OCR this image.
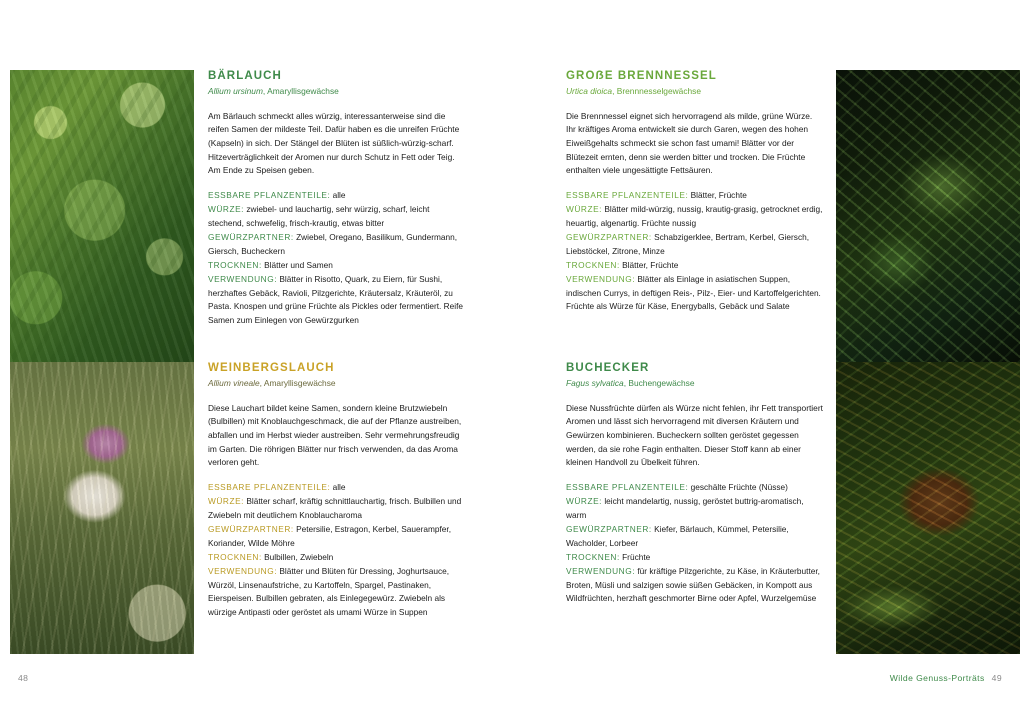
BÄRLAUCH

Allium ursinum, Amaryllisgewächse

Am Bärlauch schmeckt alles würzig, interessanterweise sind die reifen Samen der mildeste Teil. Dafür haben es die unreifen Früchte (Kapseln) in sich. Der Stängel der Blüten ist süßlich-würzig-scharf. Hitzeverträglichkeit der Aromen nur durch Schutz in Fett oder Teig. Am Ende zu Speisen geben.

ESSBARE PFLANZENTEILE: alle

WÜRZE: zwiebel- und lauchartig, sehr würzig, scharf, leicht stechend, schwefelig, frisch-krautig, etwas bitter

GEWÜRZPARTNER: Zwiebel, Oregano, Basilikum, Gundermann, Giersch, Bucheckern

TROCKNEN: Blätter und Samen

VERWENDUNG: Blätter in Risotto, Quark, zu Eiern, für Sushi, herzhaftes Gebäck, Ravioli, Pilzgerichte, Kräutersalz, Kräuteröl, zu Pasta. Knospen und grüne Früchte als Pickles oder fermentiert. Reife Samen zum Einlegen von Gewürzgurken

GROẞE BRENNNESSEL

Urtica dioica, Brennnesselgewächse

Die Brennnessel eignet sich hervorragend als milde, grüne Würze. Ihr kräftiges Aroma entwickelt sie durch Garen, wegen des hohen Eiweißgehalts schmeckt sie schon fast umami! Blätter vor der Blütezeit ernten, denn sie werden bitter und trocken. Die Früchte enthalten viele ungesättigte Fettsäuren.

ESSBARE PFLANZENTEILE: Blätter, Früchte

WÜRZE: Blätter mild-würzig, nussig, krautig-grasig, getrocknet erdig, heuartig, algenartig. Früchte nussig

GEWÜRZPARTNER: Schabzigerklee, Bertram, Kerbel, Giersch, Liebstöckel, Zitrone, Minze

TROCKNEN: Blätter, Früchte

VERWENDUNG: Blätter als Einlage in asiatischen Suppen, indischen Currys, in deftigen Reis-, Pilz-, Eier- und Kartoffelgerichten. Früchte als Würze für Käse, Energyballs, Gebäck und Salate

WEINBERGSLAUCH

Allium vineale, Amaryllisgewächse

Diese Lauchart bildet keine Samen, sondern kleine Brutzwiebeln (Bulbillen) mit Knoblauchgeschmack, die auf der Pflanze austreiben, abfallen und im Herbst wieder austreiben. Sehr vermehrungsfreudig im Garten. Die röhrigen Blätter nur frisch verwenden, da das Aroma verloren geht.

ESSBARE PFLANZENTEILE: alle

WÜRZE: Blätter scharf, kräftig schnittlauchartig, frisch. Bulbillen und Zwiebeln mit deutlichem Knoblaucharoma

GEWÜRZPARTNER: Petersilie, Estragon, Kerbel, Sauerampfer, Koriander, Wilde Möhre

TROCKNEN: Bulbillen, Zwiebeln

VERWENDUNG: Blätter und Blüten für Dressing, Joghurtsauce, Würzöl, Linsenaufstriche, zu Kartoffeln, Spargel, Pastinaken, Eierspeisen. Bulbillen gebraten, als Einlegegewürz. Zwiebeln als würzige Antipasti oder geröstet als umami Würze in Suppen

BUCHECKER

Fagus sylvatica, Buchengewächse

Diese Nussfrüchte dürfen als Würze nicht fehlen, ihr Fett transportiert Aromen und lässt sich hervorragend mit diversen Kräutern und Gewürzen kombinieren. Bucheckern sollten geröstet gegessen werden, da sie rohe Fagin enthalten. Dieser Stoff kann ab einer kleinen Handvoll zu Übelkeit führen.

ESSBARE PFLANZENTEILE: geschälte Früchte (Nüsse)

WÜRZE: leicht mandelartig, nussig, geröstet buttrig-aromatisch, warm

GEWÜRZPARTNER: Kiefer, Bärlauch, Kümmel, Petersilie, Wacholder, Lorbeer

TROCKNEN: Früchte

VERWENDUNG: für kräftige Pilzgerichte, zu Käse, in Kräuterbutter, Broten, Müsli und salzigen sowie süßen Gebäcken, in Kompott aus Wildfrüchten, herzhaft geschmorter Birne oder Apfel, Wurzelgemüse

48	Wilde Genuss-Porträts 49
